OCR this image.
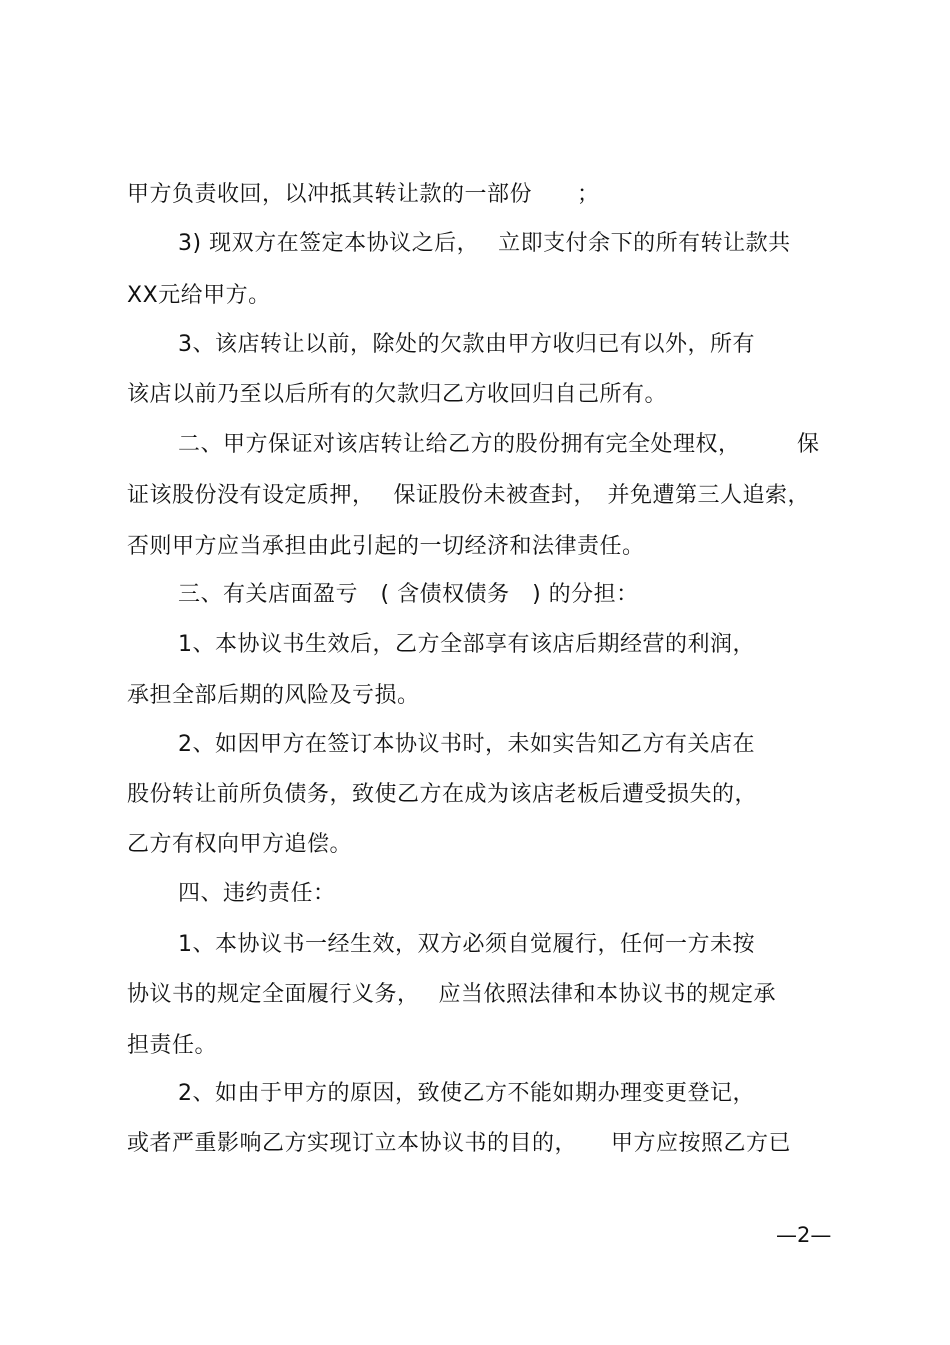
甲方负责收回，以冲抵其转让款的一部份　　；
3) 现双方在签定本协议之后，　 立即支付余下的所有转让款共
XX元给甲方。
3、该店转让以前，除处的欠款由甲方收归已有以外，所有
该店以前乃至以后所有的欠款归乙方收回归自己所有。
二、甲方保证对该店转让给乙方的股份拥有完全处理权，　　　保
证该股份没有设定质押，　 保证股份未被查封，　并免遭第三人追索，
否则甲方应当承担由此引起的一切经济和法律责任。
三、有关店面盈亏　( 含债权债务　) 的分担：
1、本协议书生效后，乙方全部享有该店后期经营的利润，
承担全部后期的风险及亏损。
2、如因甲方在签订本协议书时，未如实告知乙方有关店在
股份转让前所负债务，致使乙方在成为该店老板后遭受损失的，
乙方有权向甲方追偿。
四、违约责任：
1、本协议书一经生效，双方必须自觉履行，任何一方未按
协议书的规定全面履行义务，　 应当依照法律和本协议书的规定承
担责任。
2、如由于甲方的原因，致使乙方不能如期办理变更登记，
或者严重影响乙方实现订立本协议书的目的，　　甲方应按照乙方已
—2—
